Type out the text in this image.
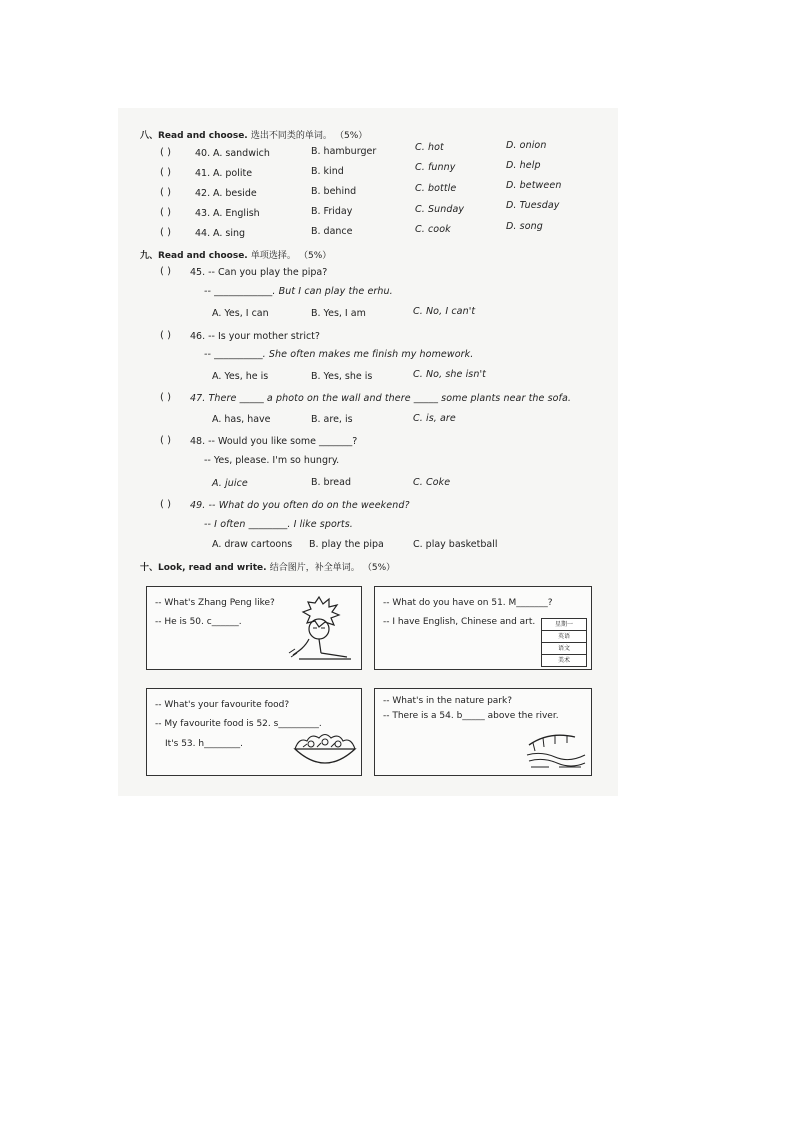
八、Read and choose. 选出不同类的单词。 （5%）
( )	40. A. sandwich	B. hamburger	C. hot	D. onion
( )	41. A. polite	B. kind	C. funny	D. help
( )	42. A. beside	B. behind	C. bottle	D. between
( )	43. A. English	B. Friday	C. Sunday	D. Tuesday
( )	44. A. sing	B. dance	C. cook	D. song
九、Read and choose. 单项选择。 （5%）
( ) 45. -- Can you play the pipa?
-- ____________. But I can play the erhu.
A. Yes, I can	B. Yes, I am	C. No, I can't
( ) 46. -- Is your mother strict?
-- __________. She often makes me finish my homework.
A. Yes, he is	B. Yes, she is	C. No, she isn't
( ) 47. There _____ a photo on the wall and there _____ some plants near the sofa.
A. has, have	B. are, is	C. is, are
( ) 48. -- Would you like some _______?
-- Yes, please. I'm so hungry.
A. juice	B. bread	C. Coke
( ) 49. -- What do you often do on the weekend?
-- I often ________. I like sports.
A. draw cartoons B. play the pipa	C. play basketball
十、Look, read and write. 结合图片，补全单词。 （5%）
-- What's Zhang Peng like?
-- He is 50. c______.
-- What do you have on 51. M_______?
-- I have English, Chinese and art.	星期一
英语
语文
美术
-- What's your favourite food?
-- My favourite food is 52. s_________.
It's 53. h________.
-- What's in the nature park?
-- There is a 54. b_____ above the river.
